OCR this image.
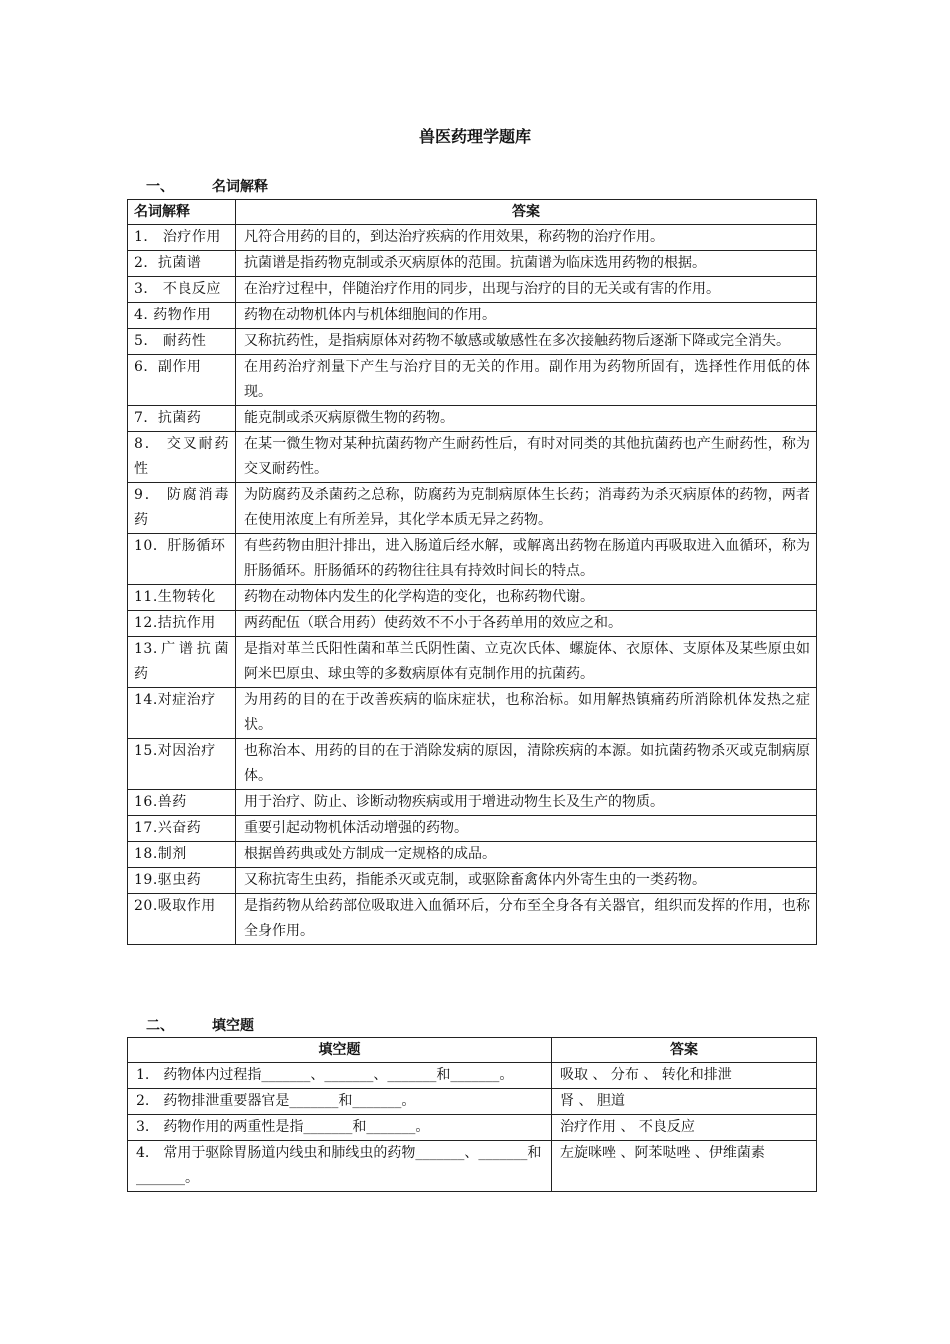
兽医药理学题库
一、	名词解释
名词解释	答案
1． 治疗作用	凡符合用药的目的，到达治疗疾病的作用效果，称药物的治疗作用。
2．抗菌谱	抗菌谱是指药物克制或杀灭病原体的范围。抗菌谱为临床选用药物的根据。
3． 不良反应	在治疗过程中，伴随治疗作用的同步，出现与治疗的目的无关或有害的作用。
4. 药物作用	药物在动物机体内与机体细胞间的作用。
5.　耐药性	又称抗药性，是指病原体对药物不敏感或敏感性在多次接触药物后逐渐下降或完全消失。
6．副作用	在用药治疗剂量下产生与治疗目的无关的作用。副作用为药物所固有，选择性作用低的体现。
7．抗菌药	能克制或杀灭病原微生物的药物。
8． 交叉耐药性	在某一微生物对某种抗菌药物产生耐药性后，有时对同类的其他抗菌药也产生耐药性，称为交叉耐药性。
9． 防腐消毒药	为防腐药及杀菌药之总称，防腐药为克制病原体生长药；消毒药为杀灭病原体的药物，两者在使用浓度上有所差异，其化学本质无异之药物。
10．肝肠循环	有些药物由胆汁排出，进入肠道后经水解，或解离出药物在肠道内再吸取进入血循环，称为肝肠循环。肝肠循环的药物往往具有持效时间长的特点。
11.生物转化	药物在动物体内发生的化学构造的变化，也称药物代谢。
12.拮抗作用	两药配伍（联合用药）使药效不不小于各药单用的效应之和。
13.广谱抗菌药	是指对革兰氏阳性菌和革兰氏阴性菌、立克次氏体、螺旋体、衣原体、支原体及某些原虫如阿米巴原虫、球虫等的多数病原体有克制作用的抗菌药。
14.对症治疗	为用药的目的在于改善疾病的临床症状，也称治标。如用解热镇痛药所消除机体发热之症状。
15.对因治疗	也称治本、用药的目的在于消除发病的原因，清除疾病的本源。如抗菌药物杀灭或克制病原体。
16.兽药	用于治疗、防止、诊断动物疾病或用于增进动物生长及生产的物质。
17.兴奋药	重要引起动物机体活动增强的药物。
18.制剂	根据兽药典或处方制成一定规格的成品。
19.驱虫药	又称抗寄生虫药，指能杀灭或克制，或驱除畜禽体内外寄生虫的一类药物。
20.吸取作用	是指药物从给药部位吸取进入血循环后，分布至全身各有关器官，组织而发挥的作用，也称全身作用。
二、	填空题
填空题	答案
1.　药物体内过程指_______、_______、_______和_______。	吸取 、 分布 、 转化和排泄
2.　药物排泄重要器官是_______和_______。	肾 、 胆道
3.　药物作用的两重性是指_______和_______。	治疗作用 、 不良反应
4.　常用于驱除胃肠道内线虫和肺线虫的药物_______、_______和_______。	左旋咪唑 、阿苯哒唑 、伊维菌素
